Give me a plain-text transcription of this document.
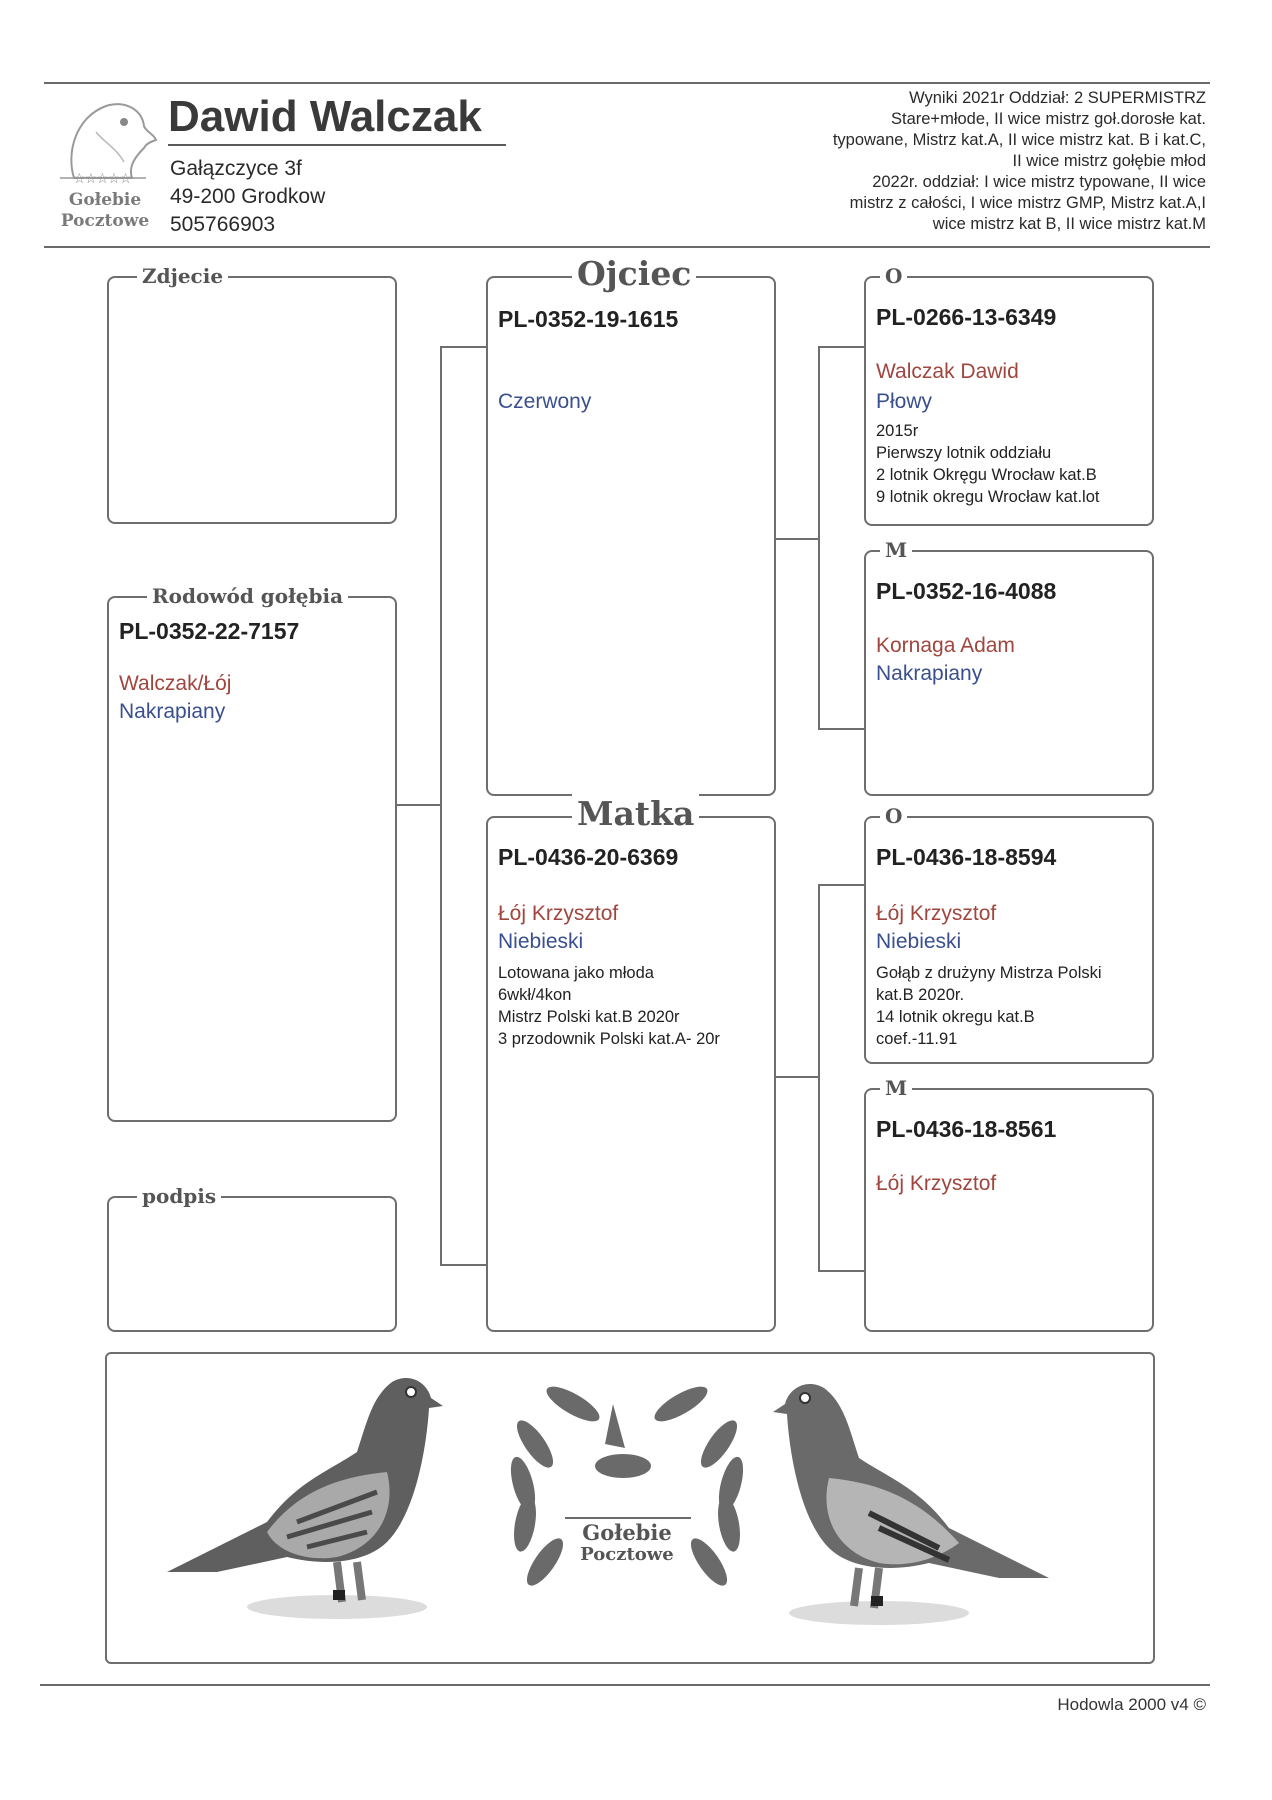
☆☆☆☆☆
Gołebie
Pocztowe
Dawid Walczak
Gałązczyce 3f
49-200 Grodkow
505766903
Wyniki 2021r Oddział: 2 SUPERMISTRZ
Stare+młode, II wice mistrz goł.dorosłe kat.
typowane, Mistrz kat.A, II wice mistrz kat. B i kat.C,
II wice mistrz gołębie młod
2022r. oddział: I wice mistrz typowane, II wice
mistrz z całości, I wice mistrz GMP, Mistrz kat.A,I
wice mistrz kat B, II wice mistrz kat.M
Zdjecie
Rodowód gołębia
PL-0352-22-7157
Walczak/Łój
Nakrapiany
podpis
Ojciec
PL-0352-19-1615
Czerwony
Matka
PL-0436-20-6369
Łój Krzysztof
Niebieski
Lotowana jako młoda
6wkł/4kon
Mistrz Polski kat.B 2020r
3 przodownik Polski kat.A- 20r
O
PL-0266-13-6349
Walczak Dawid
Płowy
2015r
Pierwszy lotnik oddziału
2 lotnik Okręgu Wrocław kat.B
9 lotnik okregu Wrocław kat.lot
M
PL-0352-16-4088
Kornaga Adam
Nakrapiany
O
PL-0436-18-8594
Łój Krzysztof
Niebieski
Gołąb z drużyny Mistrza Polski
kat.B 2020r.
14 lotnik okregu kat.B
coef.-11.91
M
PL-0436-18-8561
Łój Krzysztof
Gołebie
Pocztowe
Hodowla 2000 v4 ©
